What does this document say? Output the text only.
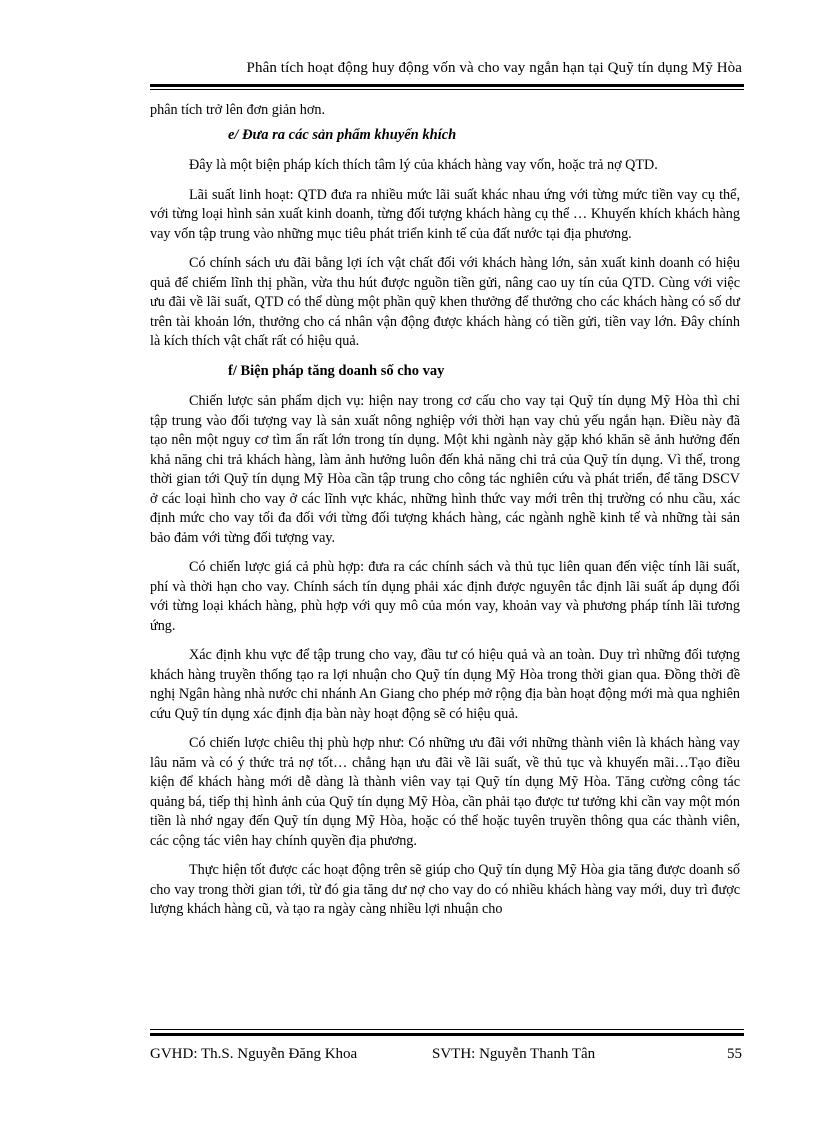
Phân tích hoạt động huy động vốn và cho vay ngắn hạn tại Quỹ tín dụng Mỹ Hòa

phân tích trở lên đơn giản hơn.

e/ Đưa ra các sản phẩm khuyến khích

Đây là một biện pháp kích thích tâm lý của khách hàng vay vốn, hoặc trả nợ QTD.

Lãi suất linh hoạt: QTD đưa ra nhiều mức lãi suất khác nhau ứng với từng mức tiền vay cụ thể, với từng loại hình sản xuất kinh doanh, từng đối tượng khách hàng cụ thể … Khuyến khích khách hàng vay vốn tập trung vào những mục tiêu phát triển kinh tế của đất nước tại địa phương.

Có chính sách ưu đãi bằng lợi ích vật chất đối với khách hàng lớn, sản xuất kinh doanh có hiệu quả để chiếm lĩnh thị phần, vừa thu hút được nguồn tiền gửi, nâng cao uy tín của QTD. Cùng với việc ưu đãi về lãi suất, QTD có thể dùng một phần quỹ khen thưởng để thưởng cho các khách hàng có số dư trên tài khoản lớn, thưởng cho cá nhân vận động được khách hàng có tiền gửi, tiền vay lớn. Đây chính là kích thích vật chất rất có hiệu quả.

f/ Biện pháp tăng doanh số cho vay

Chiến lược sản phẩm dịch vụ: hiện nay trong cơ cấu cho vay tại Quỹ tín dụng Mỹ Hòa thì chỉ tập trung vào đối tượng vay là sản xuất nông nghiệp với thời hạn vay chủ yếu ngắn hạn. Điều này đã tạo nên một nguy cơ tìm ẩn rất lớn trong tín dụng. Một khi ngành này gặp khó khăn sẽ ảnh hưởng đến khả năng chi trả khách hàng, làm ảnh hưởng luôn đến khả năng chi trả của Quỹ tín dụng. Vì thế, trong thời gian tới Quỹ tín dụng Mỹ Hòa cần tập trung cho công tác nghiên cứu và phát triển, để tăng DSCV ở các loại hình cho vay ở các lĩnh vực khác, những hình thức vay mới trên thị trường có nhu cầu, xác định mức cho vay tối đa đối với từng đối tượng khách hàng, các ngành nghề kinh tế và những tài sản bảo đảm với từng đối tượng vay.

Có chiến lược giá cả phù hợp: đưa ra các chính sách và thủ tục liên quan đến việc tính lãi suất, phí và thời hạn cho vay. Chính sách tín dụng phải xác định được nguyên tắc định lãi suất áp dụng đối với từng loại khách hàng, phù hợp với quy mô của món vay, khoản vay và phương pháp tính lãi tương ứng.

Xác định khu vực để tập trung cho vay, đầu tư có hiệu quả và an toàn. Duy trì những đối tượng khách hàng truyền thống tạo ra lợi nhuận cho Quỹ tín dụng Mỹ Hòa trong thời gian qua. Đồng thời đề nghị Ngân hàng nhà nước chi nhánh An Giang cho phép mở rộng địa bàn hoạt động mới mà qua nghiên cứu Quỹ tín dụng xác định địa bàn này hoạt động sẽ có hiệu quả.

Có chiến lược chiêu thị phù hợp như: Có những ưu đãi với những thành viên là khách hàng vay lâu năm và có ý thức trả nợ tốt… chẳng hạn ưu đãi về lãi suất, về thủ tục và khuyến mãi…Tạo điều kiện để khách hàng mới dễ dàng là thành viên vay tại Quỹ tín dụng Mỹ Hòa. Tăng cường công tác quảng bá, tiếp thị hình ảnh của Quỹ tín dụng Mỹ Hòa, cần phải tạo được tư tưởng khi cần vay một món tiền là nhớ ngay đến Quỹ tín dụng Mỹ Hòa, hoặc có thể hoặc tuyên truyền thông qua các thành viên, các cộng tác viên hay chính quyền địa phương.

Thực hiện tốt được các hoạt động trên sẽ giúp cho Quỹ tín dụng Mỹ Hòa gia tăng được doanh số cho vay trong thời gian tới, từ đó gia tăng dư nợ cho vay do có nhiều khách hàng vay mới, duy trì được lượng khách hàng cũ, và tạo ra ngày càng nhiều lợi nhuận cho

GVHD: Th.S. Nguyễn Đăng Khoa	SVTH: Nguyễn Thanh Tân	55
